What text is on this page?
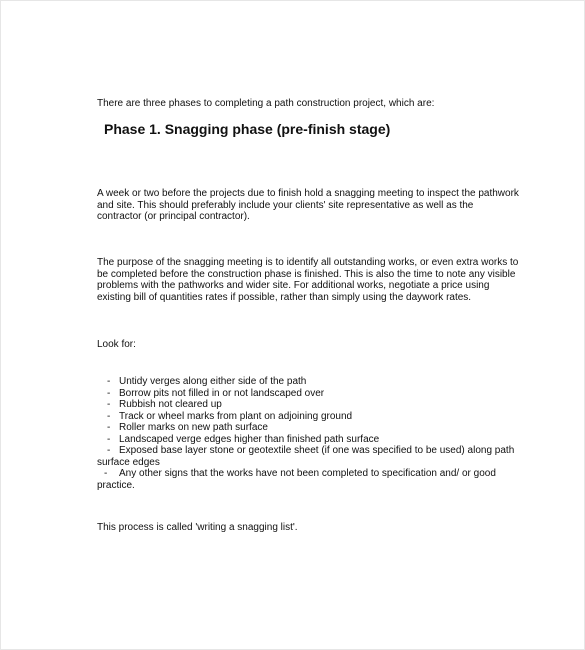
There are three phases to completing a path construction project, which are:
Phase 1. Snagging phase (pre-finish stage)
A week or two before the projects due to finish hold a snagging meeting to inspect the pathwork
and site. This should preferably include your clients' site representative as well as the
contractor (or principal contractor).
The purpose of the snagging meeting is to identify all outstanding works, or even extra works to
be completed before the construction phase is finished. This is also the time to note any visible
problems with the pathworks and wider site. For additional works, negotiate a price using
existing bill of quantities rates if possible, rather than simply using the daywork rates.
Look for:
- Untidy verges along either side of the path
- Borrow pits not filled in or not landscaped over
- Rubbish not cleared up
- Track or wheel marks from plant on adjoining ground
- Roller marks on new path surface
- Landscaped verge edges higher than finished path surface
- Exposed base layer stone or geotextile sheet (if one was specified to be used) along path
surface edges
-	Any other signs that the works have not been completed to specification and/ or good
practice.
This process is called 'writing a snagging list'.
